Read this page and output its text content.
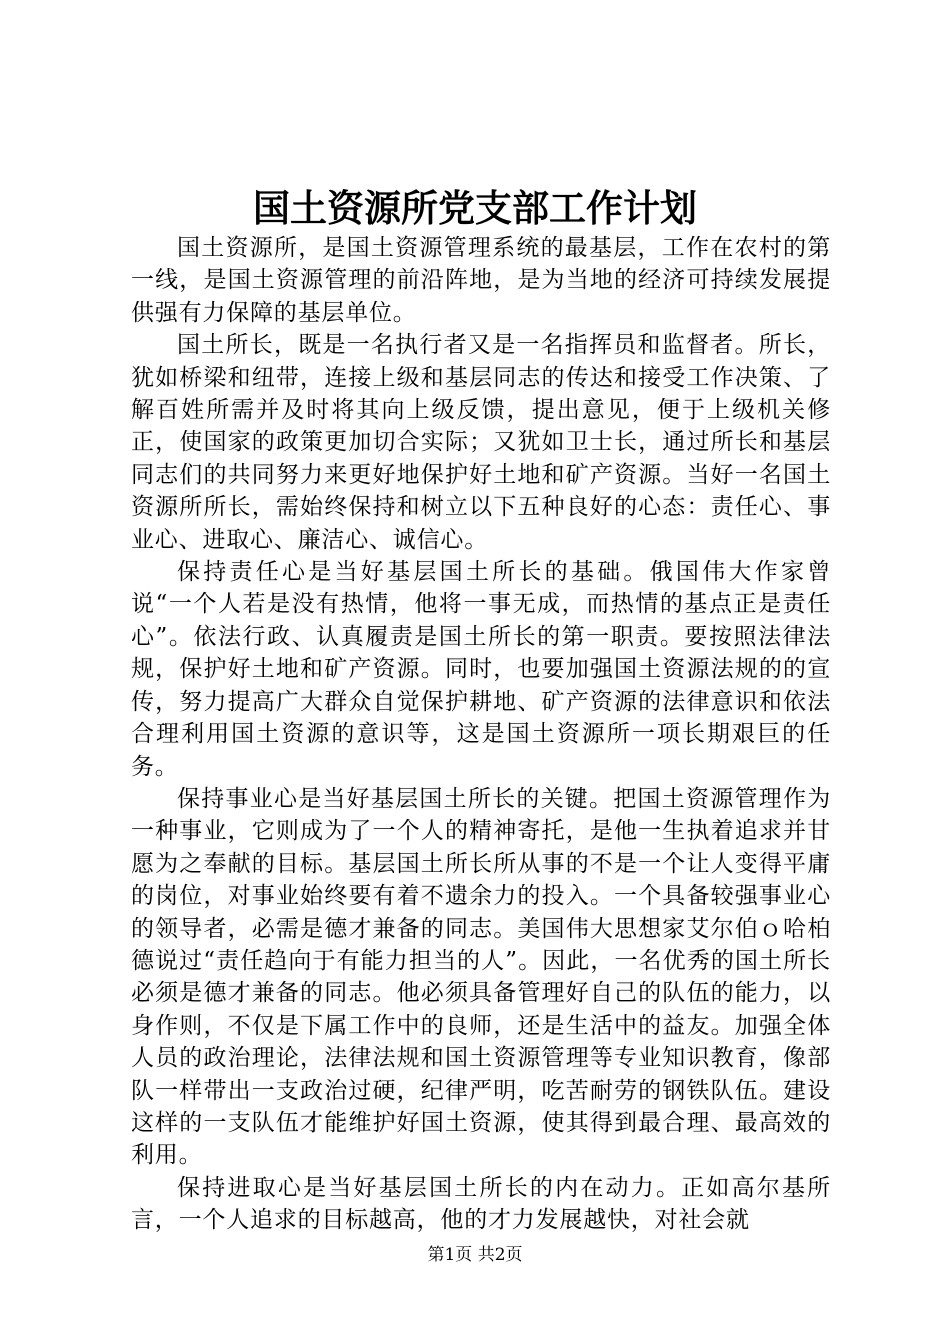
国土资源所党支部工作计划

国土资源所，是国土资源管理系统的最基层，工作在农村的第一线，是国土资源管理的前沿阵地，是为当地的经济可持续发展提供强有力保障的基层单位。

国土所长，既是一名执行者又是一名指挥员和监督者。所长，犹如桥梁和纽带，连接上级和基层同志的传达和接受工作决策、了解百姓所需并及时将其向上级反馈，提出意见，便于上级机关修正，使国家的政策更加切合实际；又犹如卫士长，通过所长和基层同志们的共同努力来更好地保护好土地和矿产资源。当好一名国土资源所所长，需始终保持和树立以下五种良好的心态：责任心、事业心、进取心、廉洁心、诚信心。

保持责任心是当好基层国土所长的基础。俄国伟大作家曾说“一个人若是没有热情，他将一事无成，而热情的基点正是责任心”。依法行政、认真履责是国土所长的第一职责。要按照法律法规，保护好土地和矿产资源。同时，也要加强国土资源法规的的宣传，努力提高广大群众自觉保护耕地、矿产资源的法律意识和依法合理利用国土资源的意识等，这是国土资源所一项长期艰巨的任务。

保持事业心是当好基层国土所长的关键。把国土资源管理作为一种事业，它则成为了一个人的精神寄托，是他一生执着追求并甘愿为之奉献的目标。基层国土所长所从事的不是一个让人变得平庸的岗位，对事业始终要有着不遗余力的投入。一个具备较强事业心的领导者，必需是德才兼备的同志。美国伟大思想家艾尔伯ｏ哈柏德说过“责任趋向于有能力担当的人”。因此，一名优秀的国土所长必须是德才兼备的同志。他必须具备管理好自己的队伍的能力，以身作则，不仅是下属工作中的良师，还是生活中的益友。加强全体人员的政治理论，法律法规和国土资源管理等专业知识教育，像部队一样带出一支政治过硬，纪律严明，吃苦耐劳的钢铁队伍。建设这样的一支队伍才能维护好国土资源，使其得到最合理、最高效的利用。

保持进取心是当好基层国土所长的内在动力。正如高尔基所言，一个人追求的目标越高，他的才力发展越快，对社会就

第1页 共2页
